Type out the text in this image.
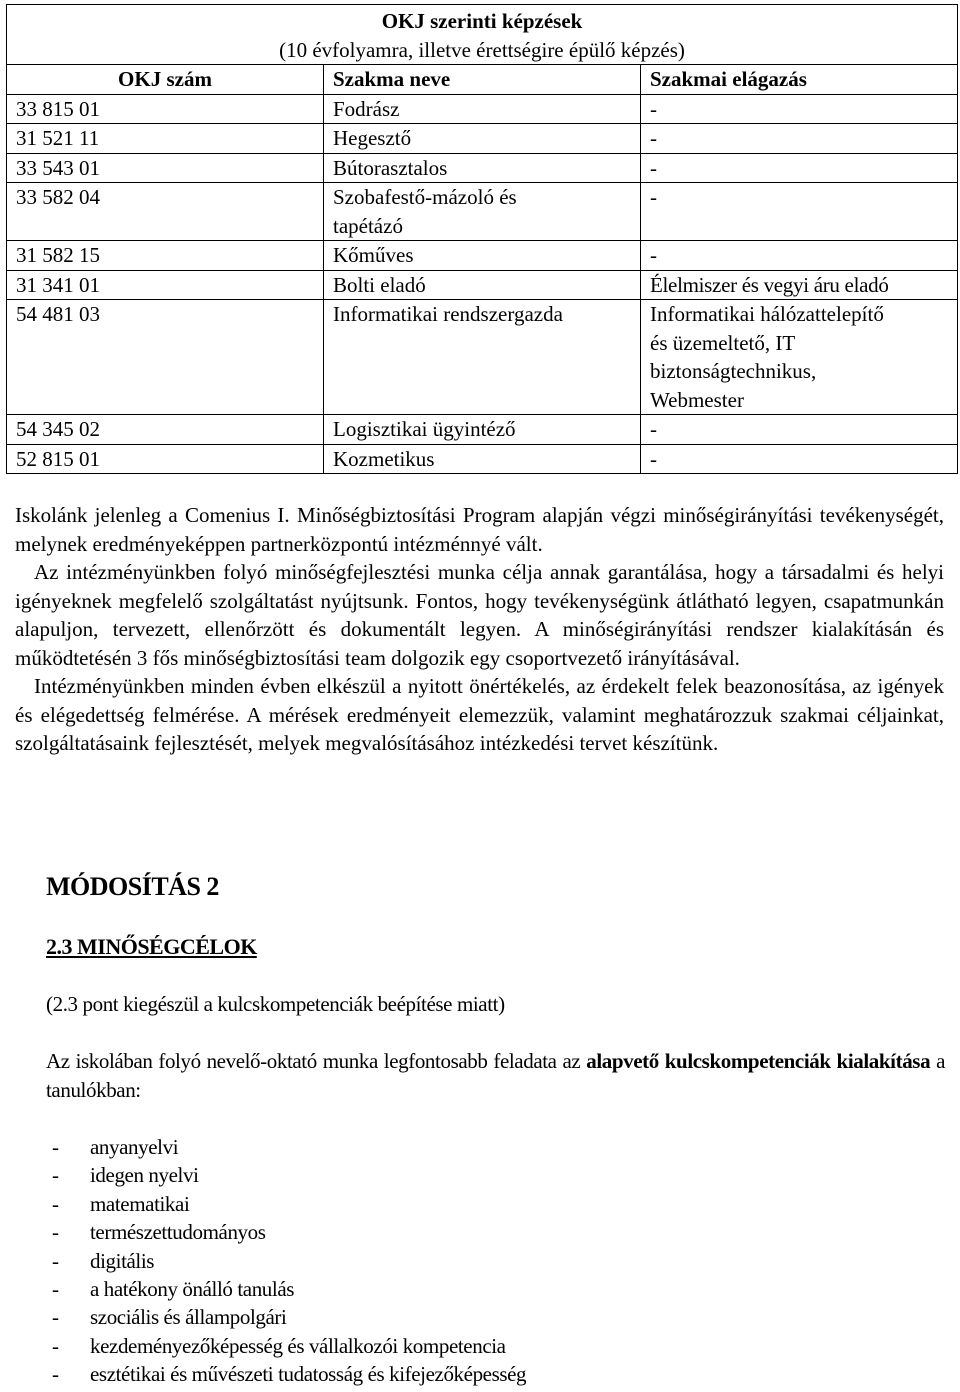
OKJ szerinti képzések		
(10 évfolyamra, illetve érettségire épülő képzés)		
OKJ szám	Szakma neve	Szakmai elágazás
33 815 01	Fodrász	-
31 521 11	Hegesztő	-
33 543 01	Bútorasztalos	-
33 582 04	Szobafestő-mázoló és tapétázó	-
31 582 15	Kőműves	-
31 341 01	Bolti eladó	Élelmiszer és vegyi áru eladó
54 481 03	Informatikai rendszergazda	Informatikai hálózattelepítő és üzemeltető, IT biztonságtechnikus, Webmester
54 345 02	Logisztikai ügyintéző	-
52 815 01	Kozmetikus	-

Iskolánk jelenleg a Comenius I. Minőségbiztosítási Program alapján végzi minőségirányítási tevékenységét, melynek eredményeképpen partnerközpontú intézménnyé vált.

Az intézményünkben folyó minőségfejlesztési munka célja annak garantálása, hogy a társadalmi és helyi igényeknek megfelelő szolgáltatást nyújtsunk. Fontos, hogy tevékenységünk átlátható legyen, csapatmunkán alapuljon, tervezett, ellenőrzött és dokumentált legyen. A minőségirányítási rendszer kialakításán és működtetésén 3 fős minőségbiztosítási team dolgozik egy csoportvezető irányításával.

Intézményünkben minden évben elkészül a nyitott önértékelés, az érdekelt felek beazonosítása, az igények és elégedettség felmérése. A mérések eredményeit elemezzük, valamint meghatározzuk szakmai céljainkat, szolgáltatásaink fejlesztését, melyek megvalósításához intézkedési tervet készítünk.

MÓDOSÍTÁS 2
2.3 MINŐSÉGCÉLOK
(2.3 pont kiegészül a kulcskompetenciák beépítése miatt)
Az iskolában folyó nevelő-oktató munka legfontosabb feladata az alapvető kulcskompetenciák kialakítása a tanulókban:
- anyanyelvi
- idegen nyelvi
- matematikai
- természettudományos
- digitális
- a hatékony önálló tanulás
- szociális és állampolgári
- kezdeményezőképesség és vállalkozói kompetencia
- esztétikai és művészeti tudatosság és kifejezőképesség
